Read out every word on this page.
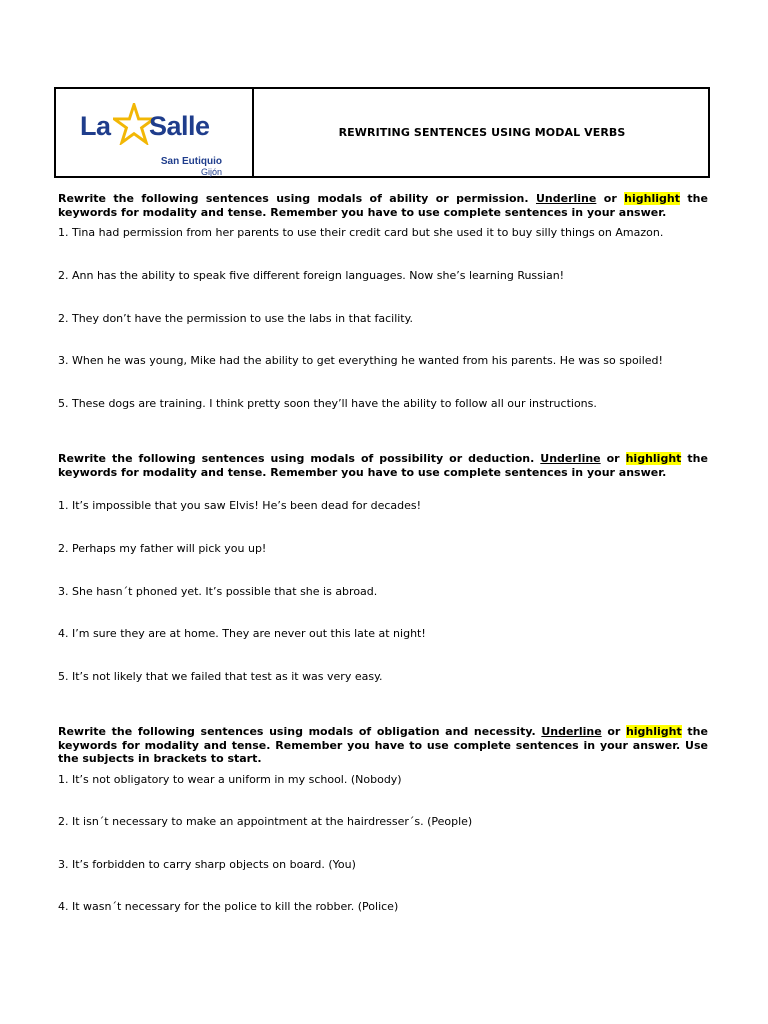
La Salle
San Eutiquio
Gijón
REWRITING SENTENCES USING MODAL VERBS

Rewrite the following sentences using modals of ability or permission. Underline or highlight the keywords for modality and tense. Remember you have to use complete sentences in your answer.

1. Tina had permission from her parents to use their credit card but she used it to buy silly things on Amazon.
2. Ann has the ability to speak five different foreign languages. Now she’s learning Russian!
2. They don’t have the permission to use the labs in that facility.
3. When he was young, Mike had the ability to get everything he wanted from his parents. He was so spoiled!
5. These dogs are training. I think pretty soon they’ll have the ability to follow all our instructions.

Rewrite the following sentences using modals of possibility or deduction. Underline or highlight the keywords for modality and tense. Remember you have to use complete sentences in your answer.

1. It’s impossible that you saw Elvis! He’s been dead for decades!
2. Perhaps my father will pick you up!
3. She hasn´t phoned yet. It’s possible that she is abroad.
4. I’m sure they are at home. They are never out this late at night!
5. It’s not likely that we failed that test as it was very easy.

Rewrite the following sentences using modals of obligation and necessity. Underline or highlight the keywords for modality and tense. Remember you have to use complete sentences in your answer. Use the subjects in brackets to start.

1. It’s not obligatory to wear a uniform in my school. (Nobody)
2. It isn´t necessary to make an appointment at the hairdresser´s. (People)
3. It’s forbidden to carry sharp objects on board. (You)
4. It wasn´t necessary for the police to kill the robber. (Police)
